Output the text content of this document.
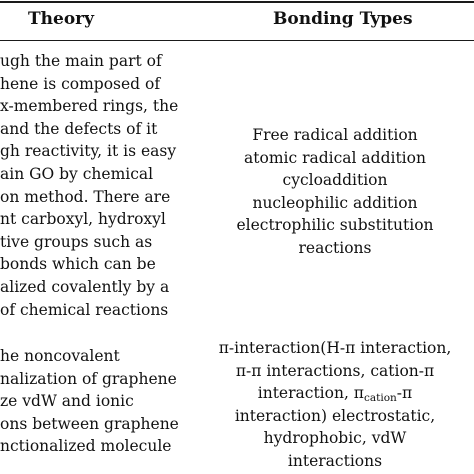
Theory	Bonding Types
ugh the main part of
hene is composed of
x-membered rings, the
and the defects of it
gh reactivity, it is easy
ain GO by chemical
on method. There are
nt carboxyl, hydroxyl
tive groups such as
bonds which can be
alized covalently by a
of chemical reactions
Free radical addition
atomic radical addition
cycloaddition
nucleophilic addition
electrophilic substitution
reactions
he noncovalent
nalization of graphene
ze vdW and ionic
ons between graphene
nctionalized molecule
π-interaction(H-π interaction,
π-π interactions, cation-π
interaction, $\pi_{cation}-\pi$
interaction) electrostatic,
hydrophobic, vdW
interactions
